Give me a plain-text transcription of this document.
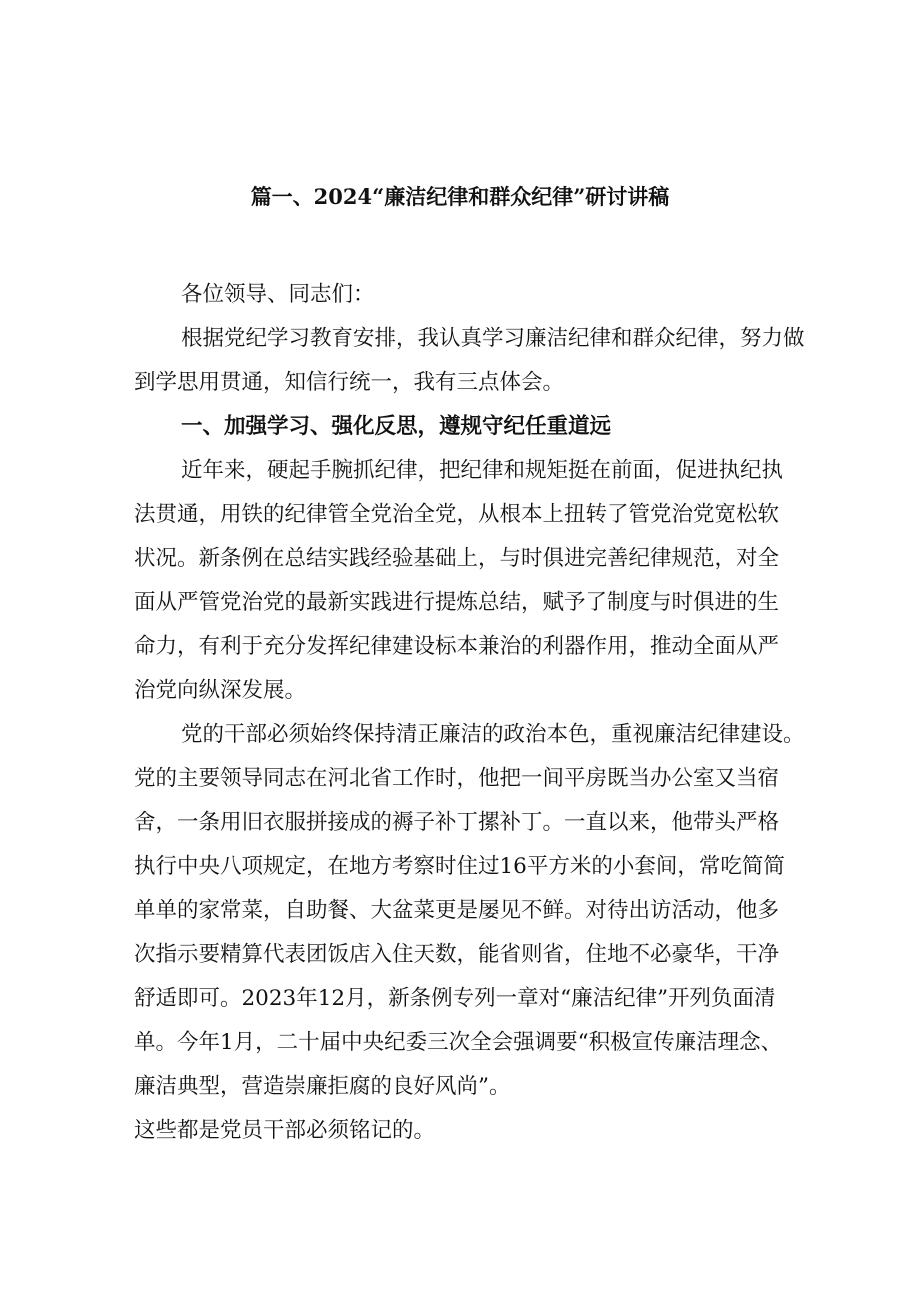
篇一、2024“廉洁纪律和群众纪律”研讨讲稿
各位领导、同志们：
根据党纪学习教育安排，我认真学习廉洁纪律和群众纪律，努力做
到学思用贯通，知信行统一，我有三点体会。
一、加强学习、强化反思，遵规守纪任重道远
近年来，硬起手腕抓纪律，把纪律和规矩挺在前面，促进执纪执
法贯通，用铁的纪律管全党治全党，从根本上扭转了管党治党宽松软
状况。新条例在总结实践经验基础上，与时俱进完善纪律规范，对全
面从严管党治党的最新实践进行提炼总结，赋予了制度与时俱进的生
命力，有利于充分发挥纪律建设标本兼治的利器作用，推动全面从严
治党向纵深发展。
党的干部必须始终保持清正廉洁的政治本色，重视廉洁纪律建设。
党的主要领导同志在河北省工作时，他把一间平房既当办公室又当宿
舍，一条用旧衣服拼接成的褥子补丁摞补丁。一直以来，他带头严格
执行中央八项规定，在地方考察时住过16平方米的小套间，常吃简简
单单的家常菜，自助餐、大盆菜更是屡见不鲜。对待出访活动，他多
次指示要精算代表团饭店入住天数，能省则省，住地不必豪华，干净
舒适即可。2023年12月，新条例专列一章对“廉洁纪律”开列负面清
单。今年1月，二十届中央纪委三次全会强调要“积极宣传廉洁理念、
廉洁典型，营造崇廉拒腐的良好风尚”。
这些都是党员干部必须铭记的。
